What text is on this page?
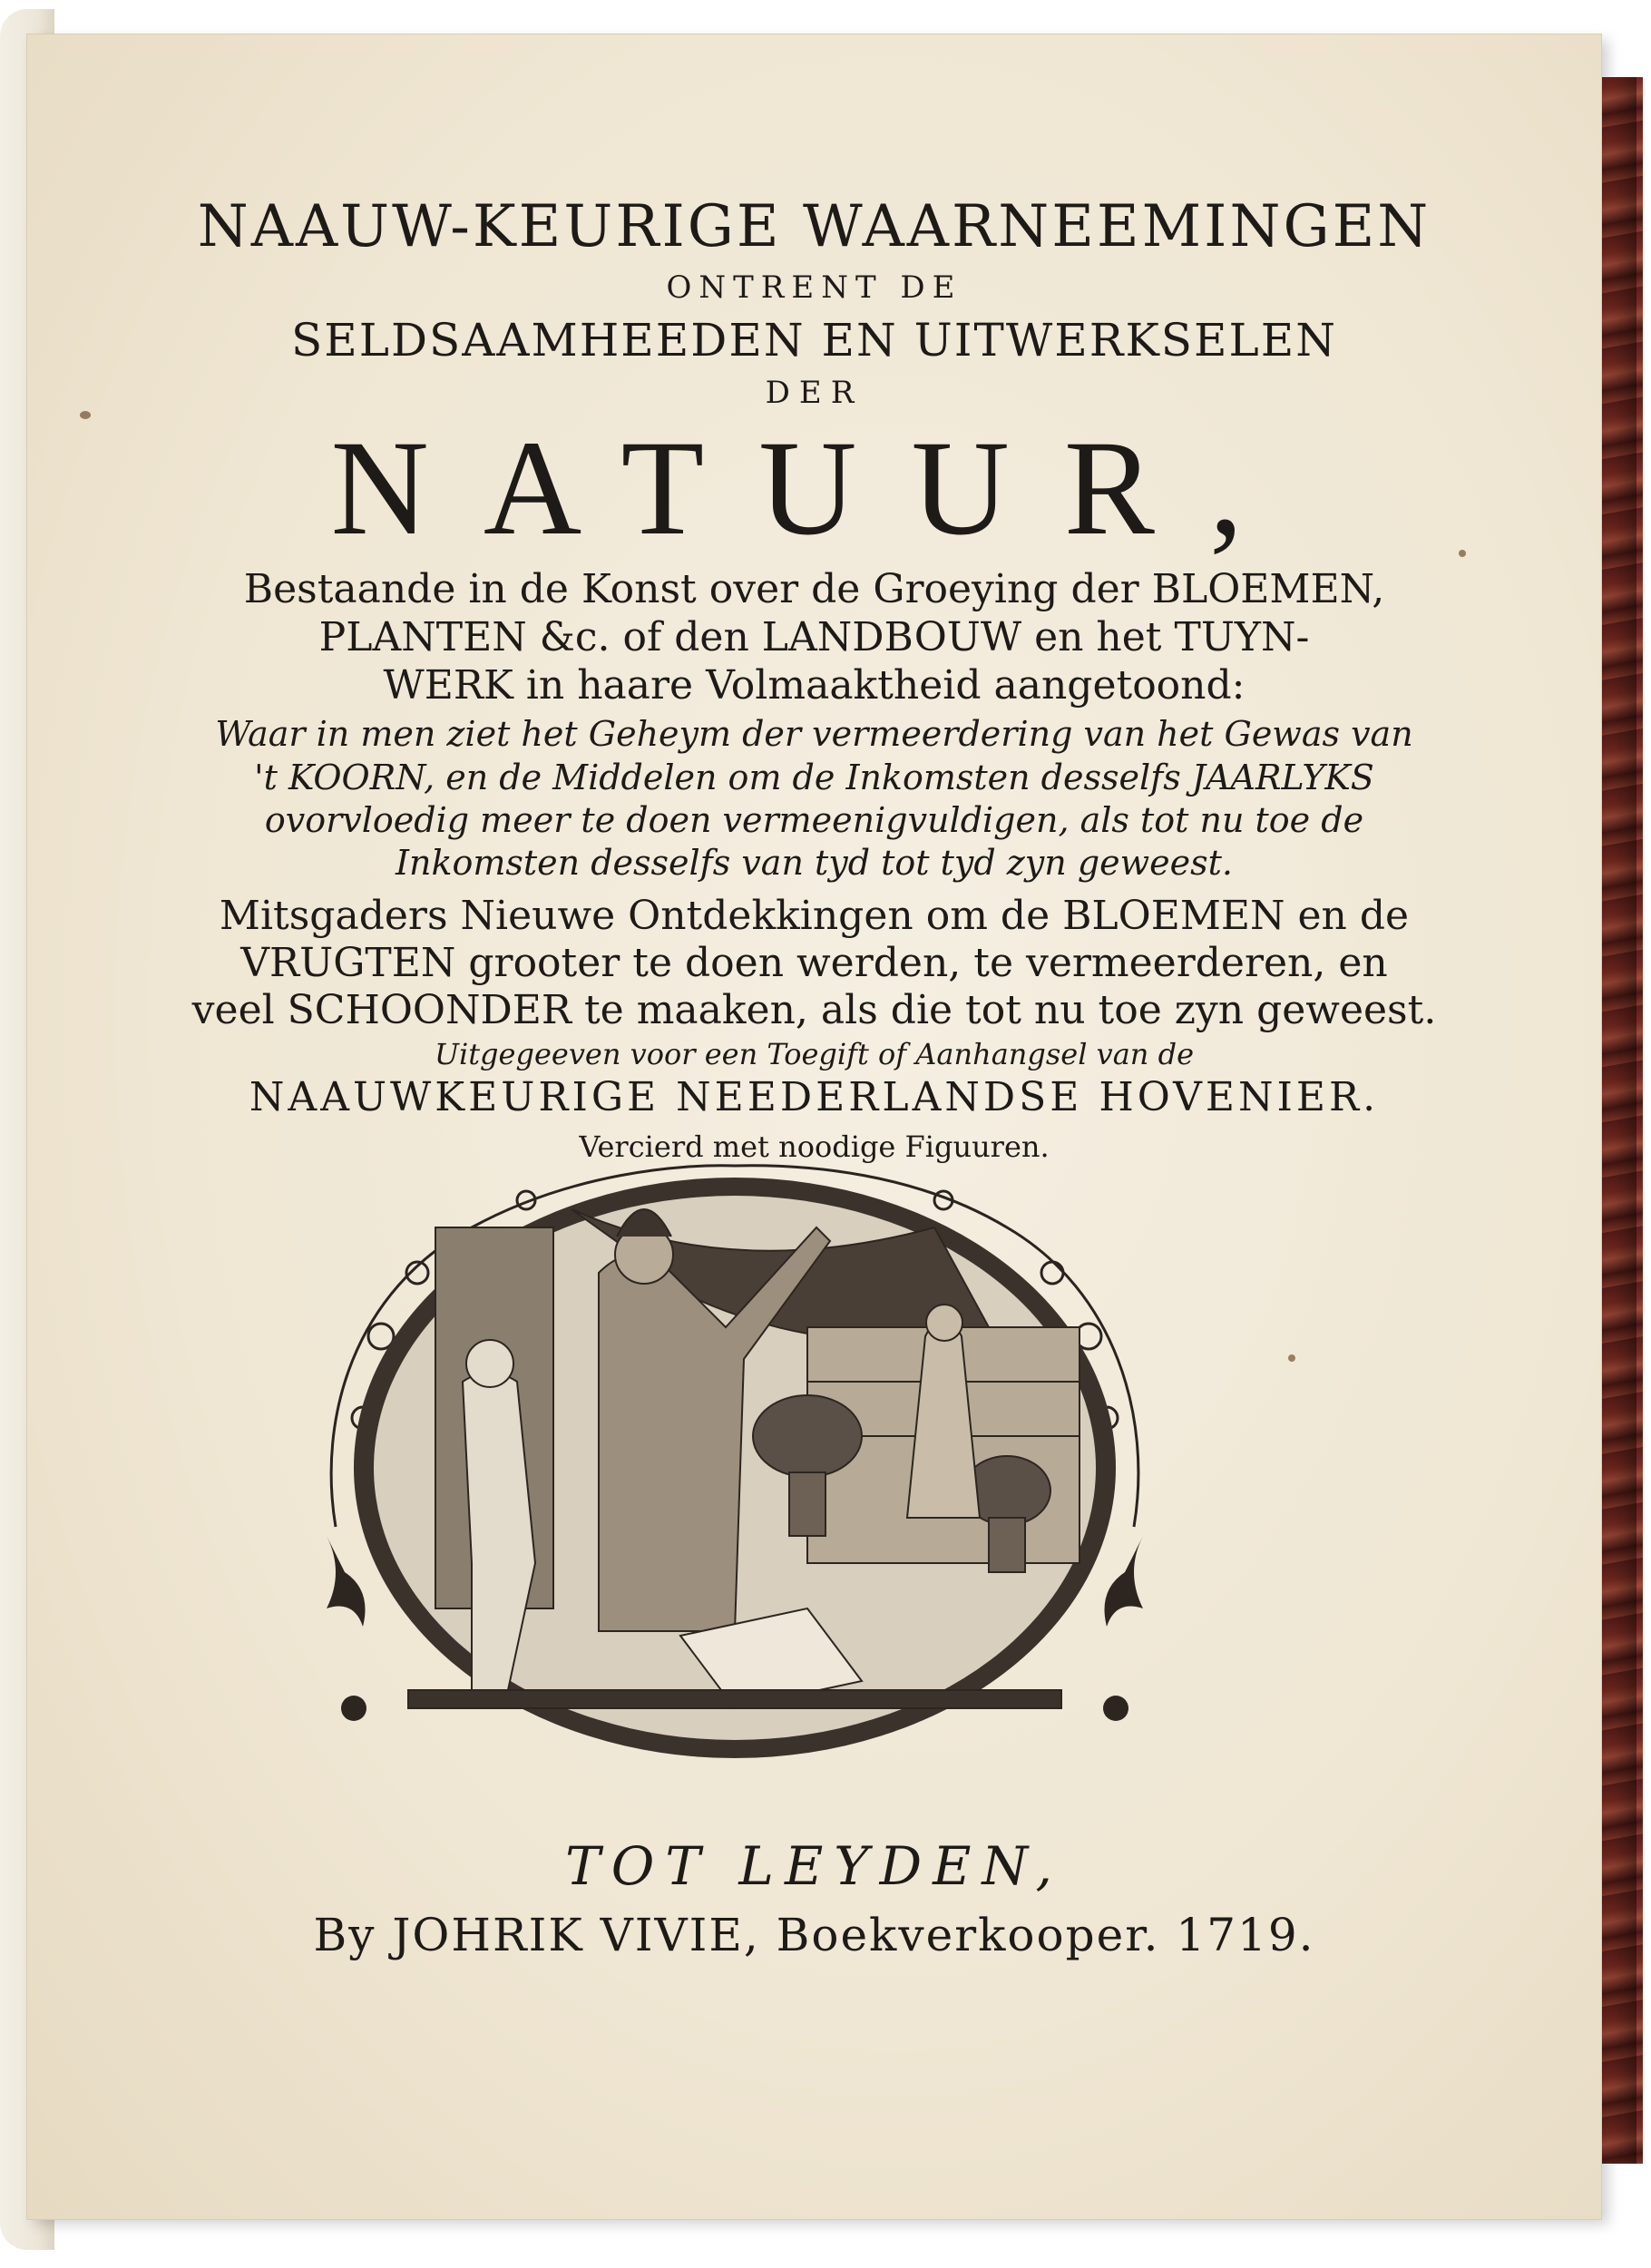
NAAUW-KEURIGE WAARNEEMINGEN
ONTRENT DE
SELDSAAMHEEDEN EN UITWERKSELEN
DER
NATUUR,
Bestaande in de Konst over de Groeying der BLOEMEN,
PLANTEN &c. of den LANDBOUW en het TUYN-
WERK in haare Volmaaktheid aangetoond:
Waar in men ziet het Geheym der vermeerdering van het Gewas van
't KOORN, en de Middelen om de Inkomsten desselfs JAARLYKS
ovorvloedig meer te doen vermeenigvuldigen, als tot nu toe de
Inkomsten desselfs van tyd tot tyd zyn geweest.
Mitsgaders Nieuwe Ontdekkingen om de BLOEMEN en de
VRUGTEN grooter te doen werden, te vermeerderen, en
veel SCHOONDER te maaken, als die tot nu toe zyn geweest.
Uitgegeeven voor een Toegift of Aanhangsel van de
NAAUWKEURIGE NEEDERLANDSE HOVENIER.
Vercierd met noodige Figuuren.
TOT LEYDEN,
By JOHRIK VIVIE, Boekverkooper. 1719.
